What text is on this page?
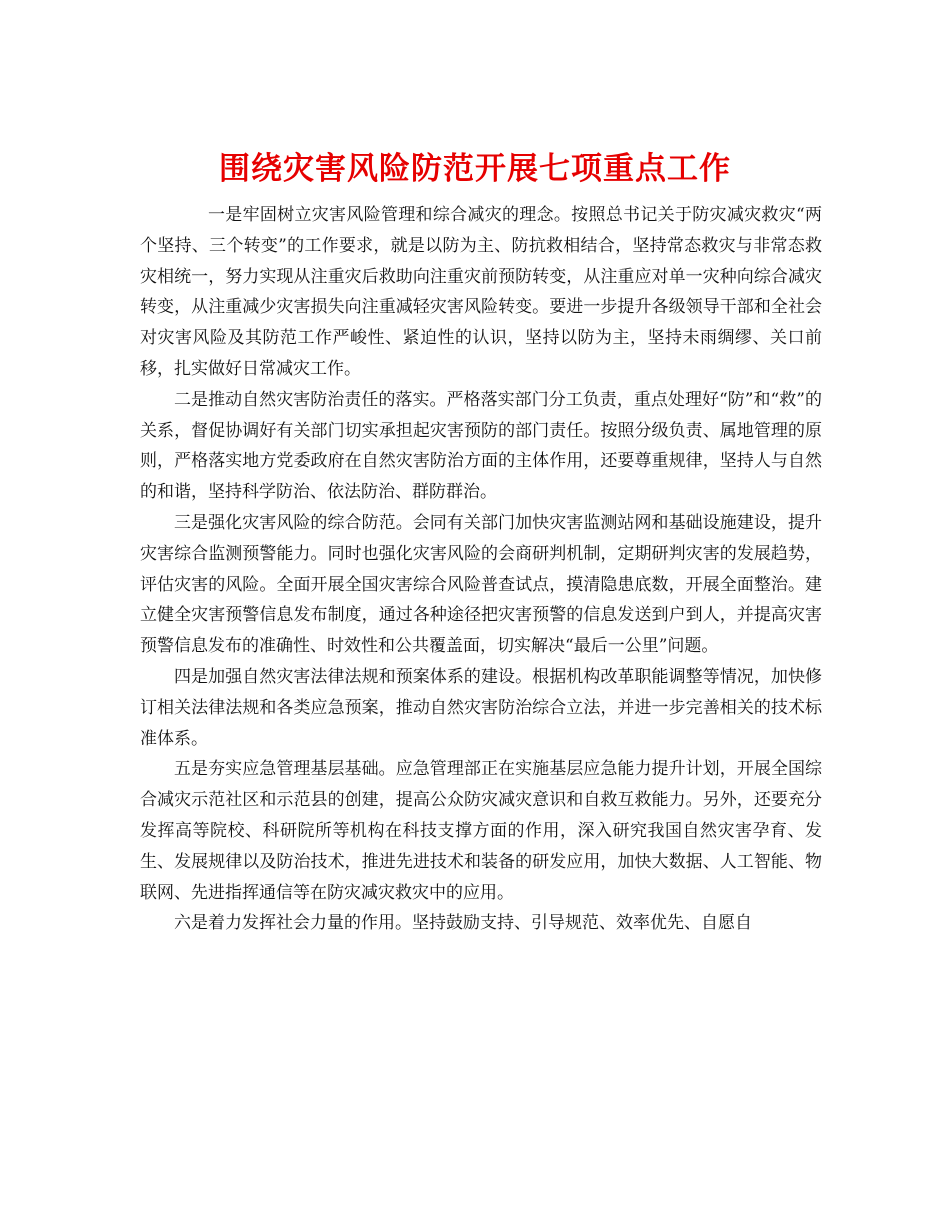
围绕灾害风险防范开展七项重点工作

一是牢固树立灾害风险管理和综合减灾的理念。按照总书记关于防灾减灾救灾“两个坚持、三个转变”的工作要求，就是以防为主、防抗救相结合，坚持常态救灾与非常态救灾相统一，努力实现从注重灾后救助向注重灾前预防转变，从注重应对单一灾种向综合减灾转变，从注重减少灾害损失向注重减轻灾害风险转变。要进一步提升各级领导干部和全社会对灾害风险及其防范工作严峻性、紧迫性的认识，坚持以防为主，坚持未雨绸缪、关口前移，扎实做好日常减灾工作。

二是推动自然灾害防治责任的落实。严格落实部门分工负责，重点处理好“防”和“救”的关系，督促协调好有关部门切实承担起灾害预防的部门责任。按照分级负责、属地管理的原则，严格落实地方党委政府在自然灾害防治方面的主体作用，还要尊重规律，坚持人与自然的和谐，坚持科学防治、依法防治、群防群治。

三是强化灾害风险的综合防范。会同有关部门加快灾害监测站网和基础设施建设，提升灾害综合监测预警能力。同时也强化灾害风险的会商研判机制，定期研判灾害的发展趋势，评估灾害的风险。全面开展全国灾害综合风险普查试点，摸清隐患底数，开展全面整治。建立健全灾害预警信息发布制度，通过各种途径把灾害预警的信息发送到户到人，并提高灾害预警信息发布的准确性、时效性和公共覆盖面，切实解决“最后一公里”问题。

四是加强自然灾害法律法规和预案体系的建设。根据机构改革职能调整等情况，加快修订相关法律法规和各类应急预案，推动自然灾害防治综合立法，并进一步完善相关的技术标准体系。

五是夯实应急管理基层基础。应急管理部正在实施基层应急能力提升计划，开展全国综合减灾示范社区和示范县的创建，提高公众防灾减灾意识和自救互救能力。另外，还要充分发挥高等院校、科研院所等机构在科技支撑方面的作用，深入研究我国自然灾害孕育、发生、发展规律以及防治技术，推进先进技术和装备的研发应用，加快大数据、人工智能、物联网、先进指挥通信等在防灾减灾救灾中的应用。

六是着力发挥社会力量的作用。坚持鼓励支持、引导规范、效率优先、自愿自
